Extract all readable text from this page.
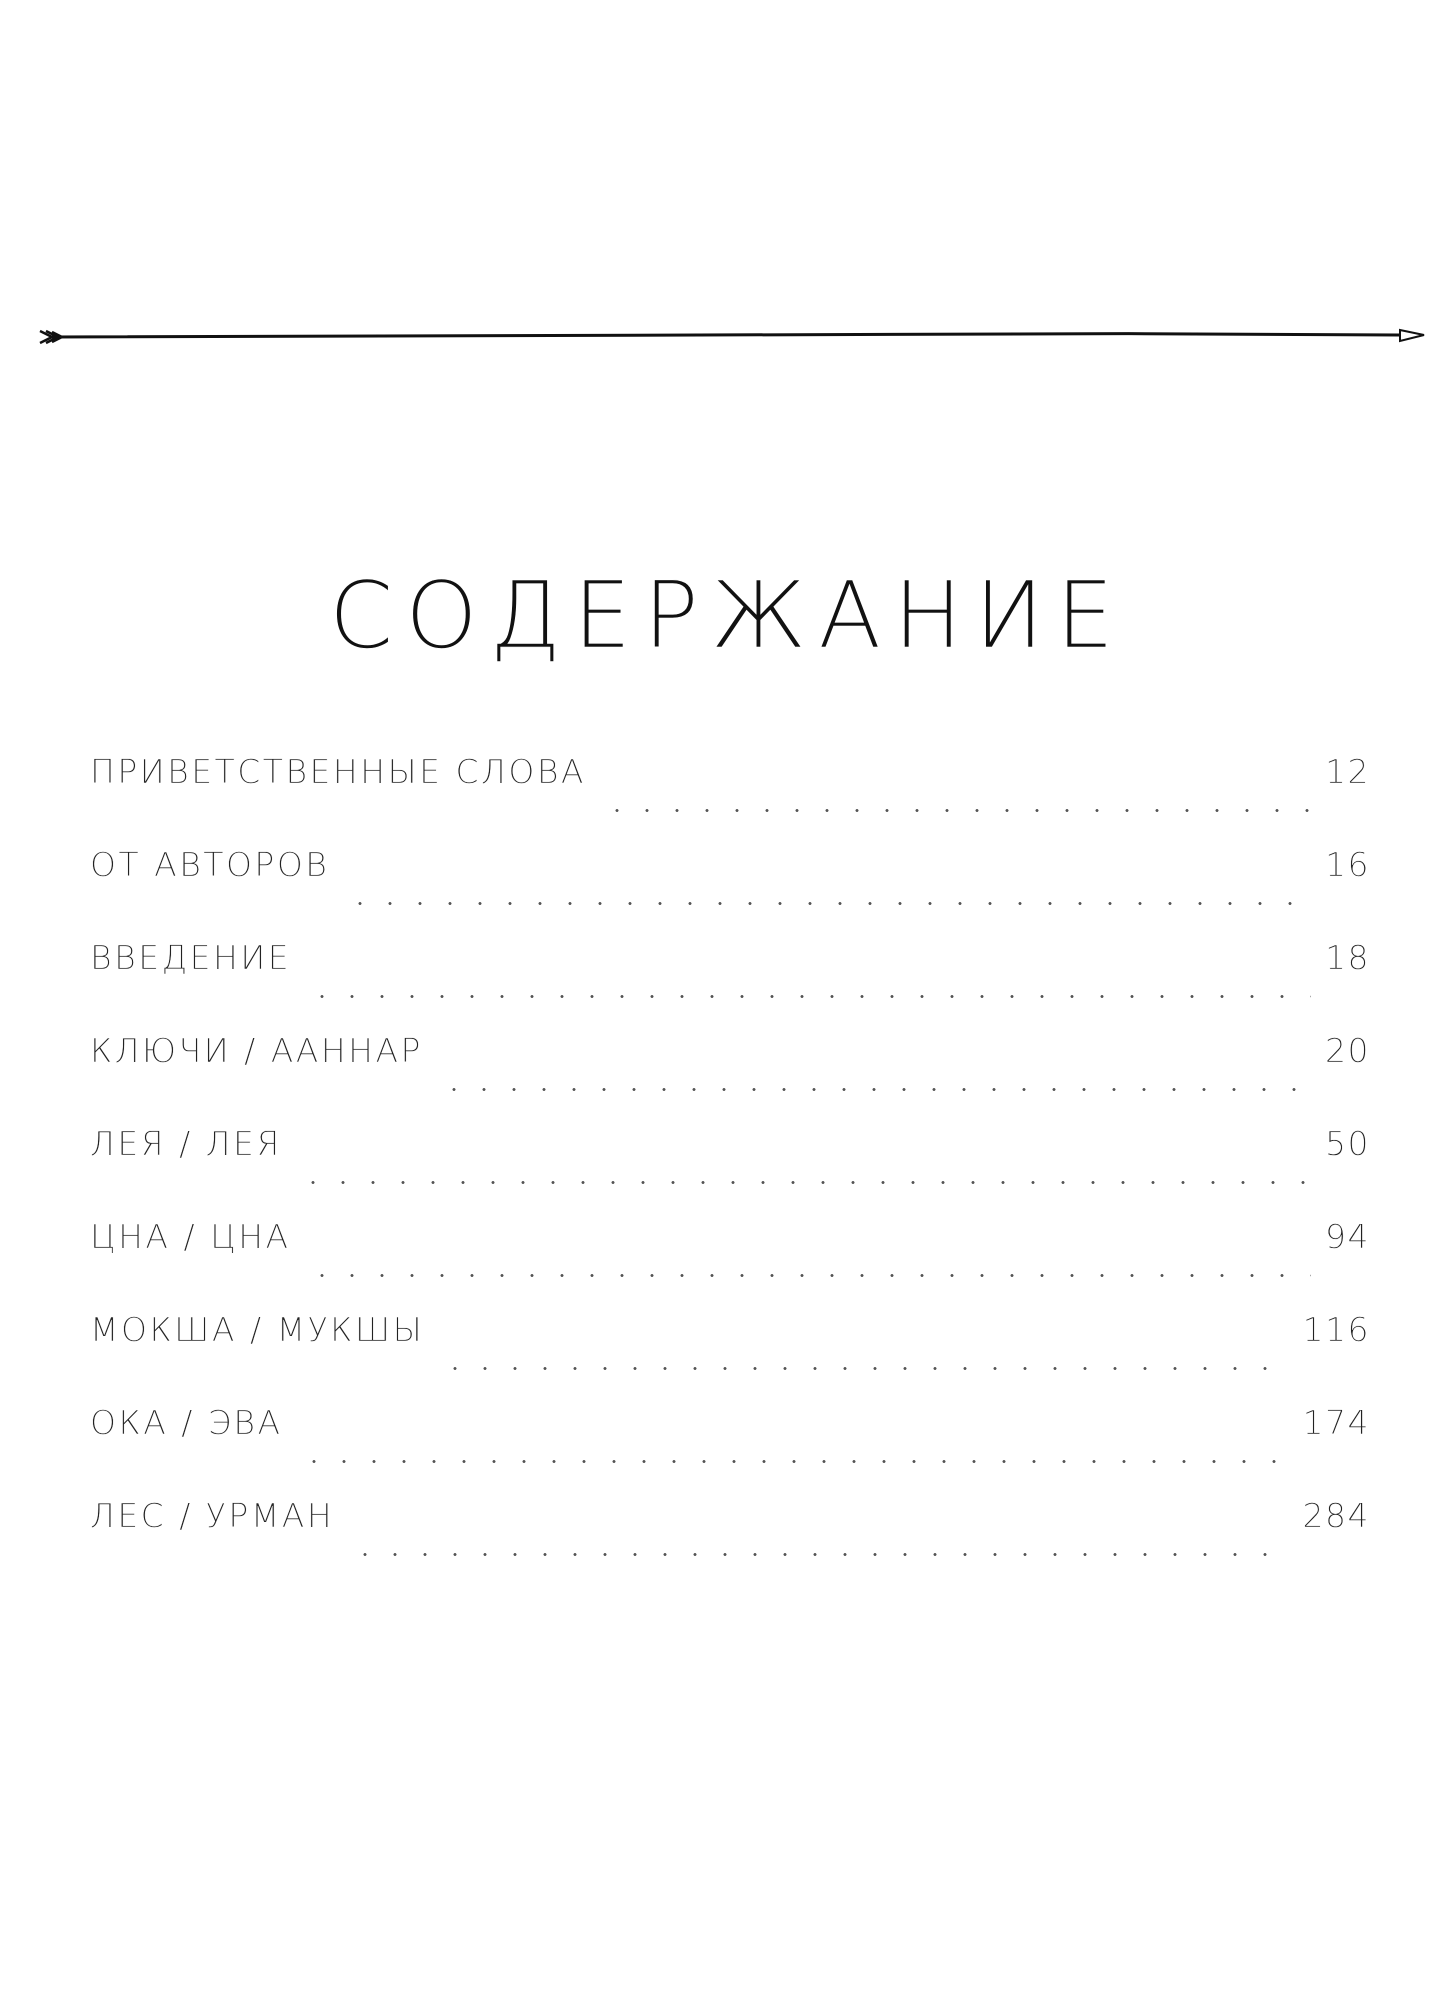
СОДЕРЖАНИЕ
ПРИВЕТСТВЕННЫЕ СЛОВА	12
ОТ АВТОРОВ	16
ВВЕДЕНИЕ	18
КЛЮЧИ / ААННАР	20
ЛЕЯ / ЛЕЯ	50
ЦНА / ЦНА	94
МОКША / МУКШЫ	116
ОКА / ЭВА	174
ЛЕС / УРМАН	284
